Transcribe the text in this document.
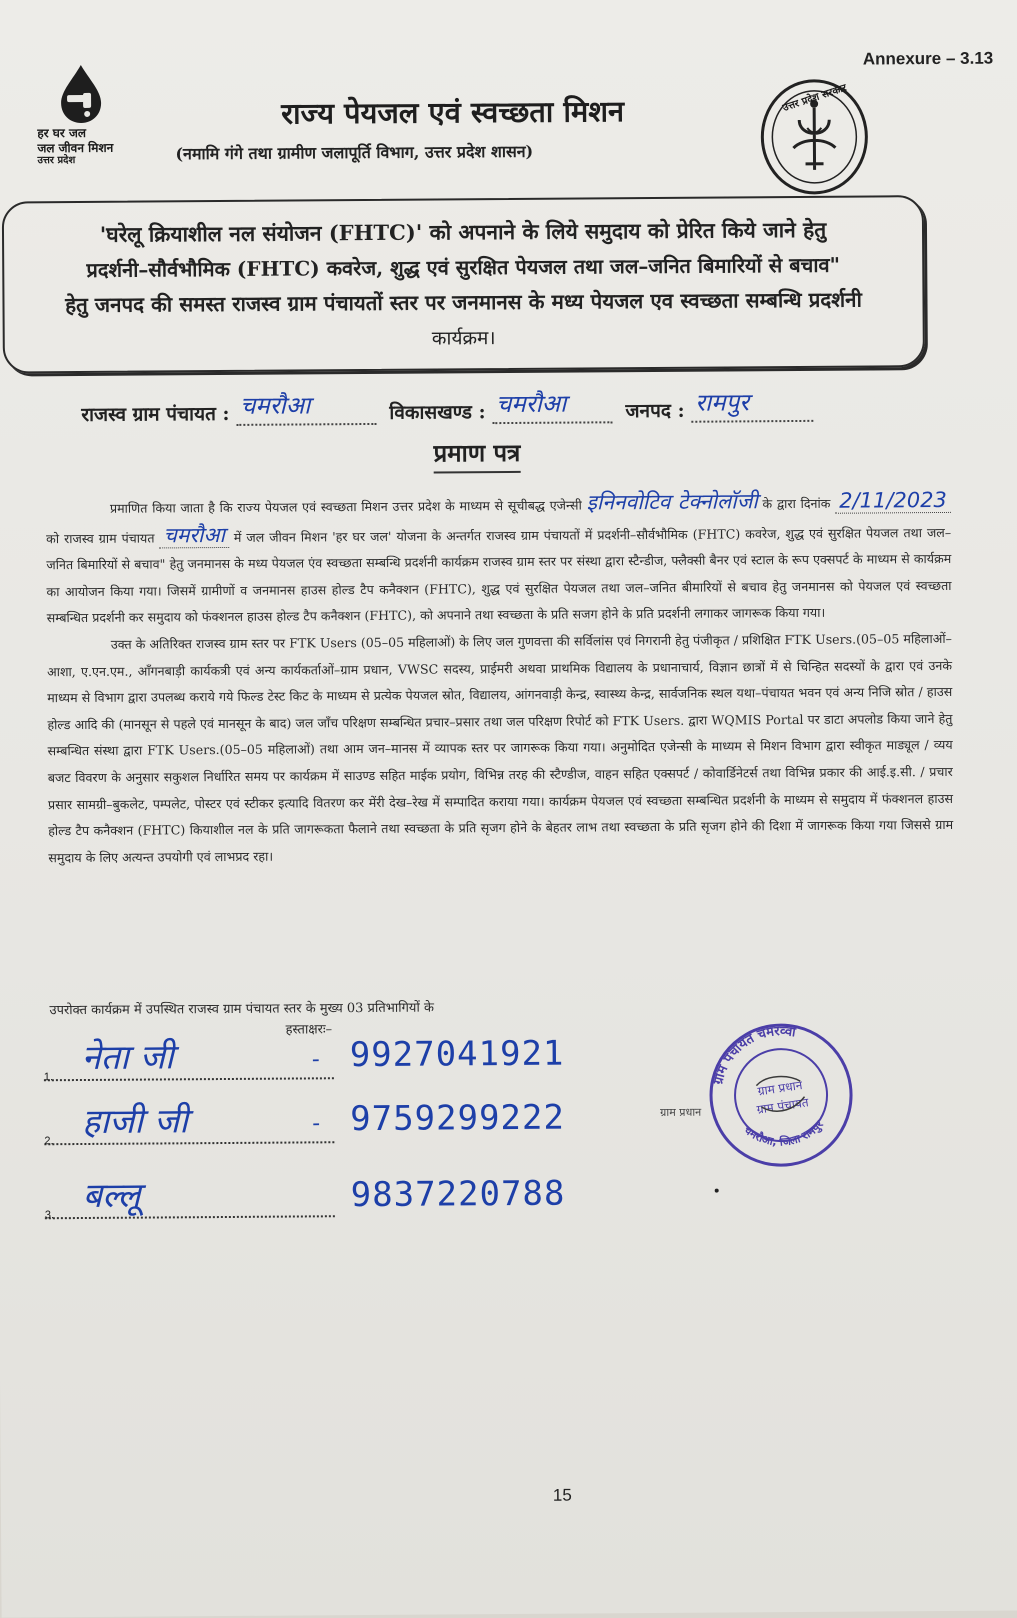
Annexure – 3.13
हर घर जल
जल जीवन मिशन
उत्तर प्रदेश
राज्य पेयजल एवं स्वच्छता मिशन
(नमामि गंगे तथा ग्रामीण जलापूर्ति विभाग, उत्तर प्रदेश शासन)
उत्तर प्रदेश सरकार
'घरेलू क्रियाशील नल संयोजन (FHTC)' को अपनाने के लिये समुदाय को प्रेरित किये जाने हेतु
प्रदर्शनी–सौर्वभौमिक (FHTC) कवरेज, शुद्ध एवं सुरक्षित पेयजल तथा जल–जनित बिमारियों से बचाव"
हेतु जनपद की समस्त राजस्व ग्राम पंचायतों स्तर पर जनमानस के मध्य पेयजल एव स्वच्छता सम्बन्धि प्रदर्शनी
कार्यक्रम।
राजस्व ग्राम पंचायत : चमरौआ	विकासखण्ड : चमरौआ	जनपद : रामपुर
प्रमाण पत्र

प्रमाणित किया जाता है कि राज्य पेयजल एवं स्वच्छता मिशन उत्तर प्रदेश के माध्यम से सूचीबद्ध एजेन्सी इनिनवोटिव टेक्नोलॉजी के द्वारा दिनांक 2/11/2023 को राजस्व ग्राम पंचायत चमरौआ में जल जीवन मिशन 'हर घर जल' योजना के अन्तर्गत राजस्व ग्राम पंचायतों में प्रदर्शनी–सौर्वभौमिक (FHTC) कवरेज, शुद्ध एवं सुरक्षित पेयजल तथा जल–जनित बिमारियों से बचाव" हेतु जनमानस के मध्य पेयजल एंव स्वच्छता सम्बन्धि प्रदर्शनी कार्यक्रम राजस्व ग्राम स्तर पर संस्था द्वारा स्टैन्डीज, फ्लैक्सी बैनर एवं स्टाल के रूप एक्सपर्ट के माध्यम से कार्यक्रम का आयोजन किया गया। जिसमें ग्रामीणों व जनमानस हाउस होल्ड टैप कनैक्शन (FHTC), शुद्ध एवं सुरक्षित पेयजल तथा जल–जनित बीमारियों से बचाव हेतु जनमानस को पेयजल एवं स्वच्छता सम्बन्धित प्रदर्शनी कर समुदाय को फंक्शनल हाउस होल्ड टैप कनैक्शन (FHTC), को अपनाने तथा स्वच्छता के प्रति सजग होने के प्रति प्रदर्शनी लगाकर जागरूक किया गया।

उक्त के अतिरिक्त राजस्व ग्राम स्तर पर FTK Users (05–05 महिलाओं) के लिए जल गुणवत्ता की सर्विलांस एवं निगरानी हेतु पंजीकृत / प्रशिक्षित FTK Users.(05–05 महिलाओं–आशा, ए.एन.एम., आँगनबाड़ी कार्यकत्री एवं अन्य कार्यकर्ताओं–ग्राम प्रधान, VWSC सदस्य, प्राईमरी अथवा प्राथमिक विद्यालय के प्रधानाचार्य, विज्ञान छात्रों में से चिन्हित सदस्यों के द्वारा एवं उनके माध्यम से विभाग द्वारा उपलब्ध कराये गये फिल्ड टेस्ट किट के माध्यम से प्रत्येक पेयजल स्रोत, विद्यालय, आंगनवाड़ी केन्द्र, स्वास्थ्य केन्द्र, सार्वजनिक स्थल यथा–पंचायत भवन एवं अन्य निजि स्रोत / हाउस होल्ड आदि की (मानसून से पहले एवं मानसून के बाद) जल जाँच परिक्षण सम्बन्धित प्रचार–प्रसार तथा जल परिक्षण रिपोर्ट को FTK Users. द्वारा WQMIS Portal पर डाटा अपलोड किया जाने हेतु सम्बन्धित संस्था द्वारा FTK Users.(05–05 महिलाओं) तथा आम जन–मानस में व्यापक स्तर पर जागरूक किया गया। अनुमोदित एजेन्सी के माध्यम से मिशन विभाग द्वारा स्वीकृत माड्यूल / व्यय बजट विवरण के अनुसार सकुशल निर्धारित समय पर कार्यक्रम में साउण्ड सहित माईक प्रयोग, विभिन्न तरह की स्टैण्डीज, वाहन सहित एक्सपर्ट / कोवार्डिनेटर्स तथा विभिन्न प्रकार की आई.इ.सी. / प्रचार प्रसार सामग्री–बुकलेट, पम्पलेट, पोस्टर एवं स्टीकर इत्यादि वितरण कर मेंरी देख–रेख में सम्पादित कराया गया। कार्यक्रम पेयजल एवं स्वच्छता सम्बन्धित प्रदर्शनी के माध्यम से समुदाय में फंक्शनल हाउस होल्ड टैप कनैक्शन (FHTC) कियाशील नल के प्रति जागरूकता फैलाने तथा स्वच्छता के प्रति सृजग होने के बेहतर लाभ तथा स्वच्छता के प्रति सृजग होने की दिशा में जागरूक किया गया जिससे ग्राम समुदाय के लिए अत्यन्त उपयोगी एवं लाभप्रद रहा।

उपरोक्त कार्यक्रम में उपस्थित राजस्व ग्राम पंचायत स्तर के मुख्य 03 प्रतिभागियों के
हस्ताक्षरः–
1. नेता जी	- 9927041921
2. हाजी जी	- 9759299222
3. बल्लू	9837220788
ग्राम प्रधान
ग्राम पंचायत चमरव्वा
चमरौआ, जिला रामपुर
ग्राम प्रधान
ग्राम पंचायत
15
